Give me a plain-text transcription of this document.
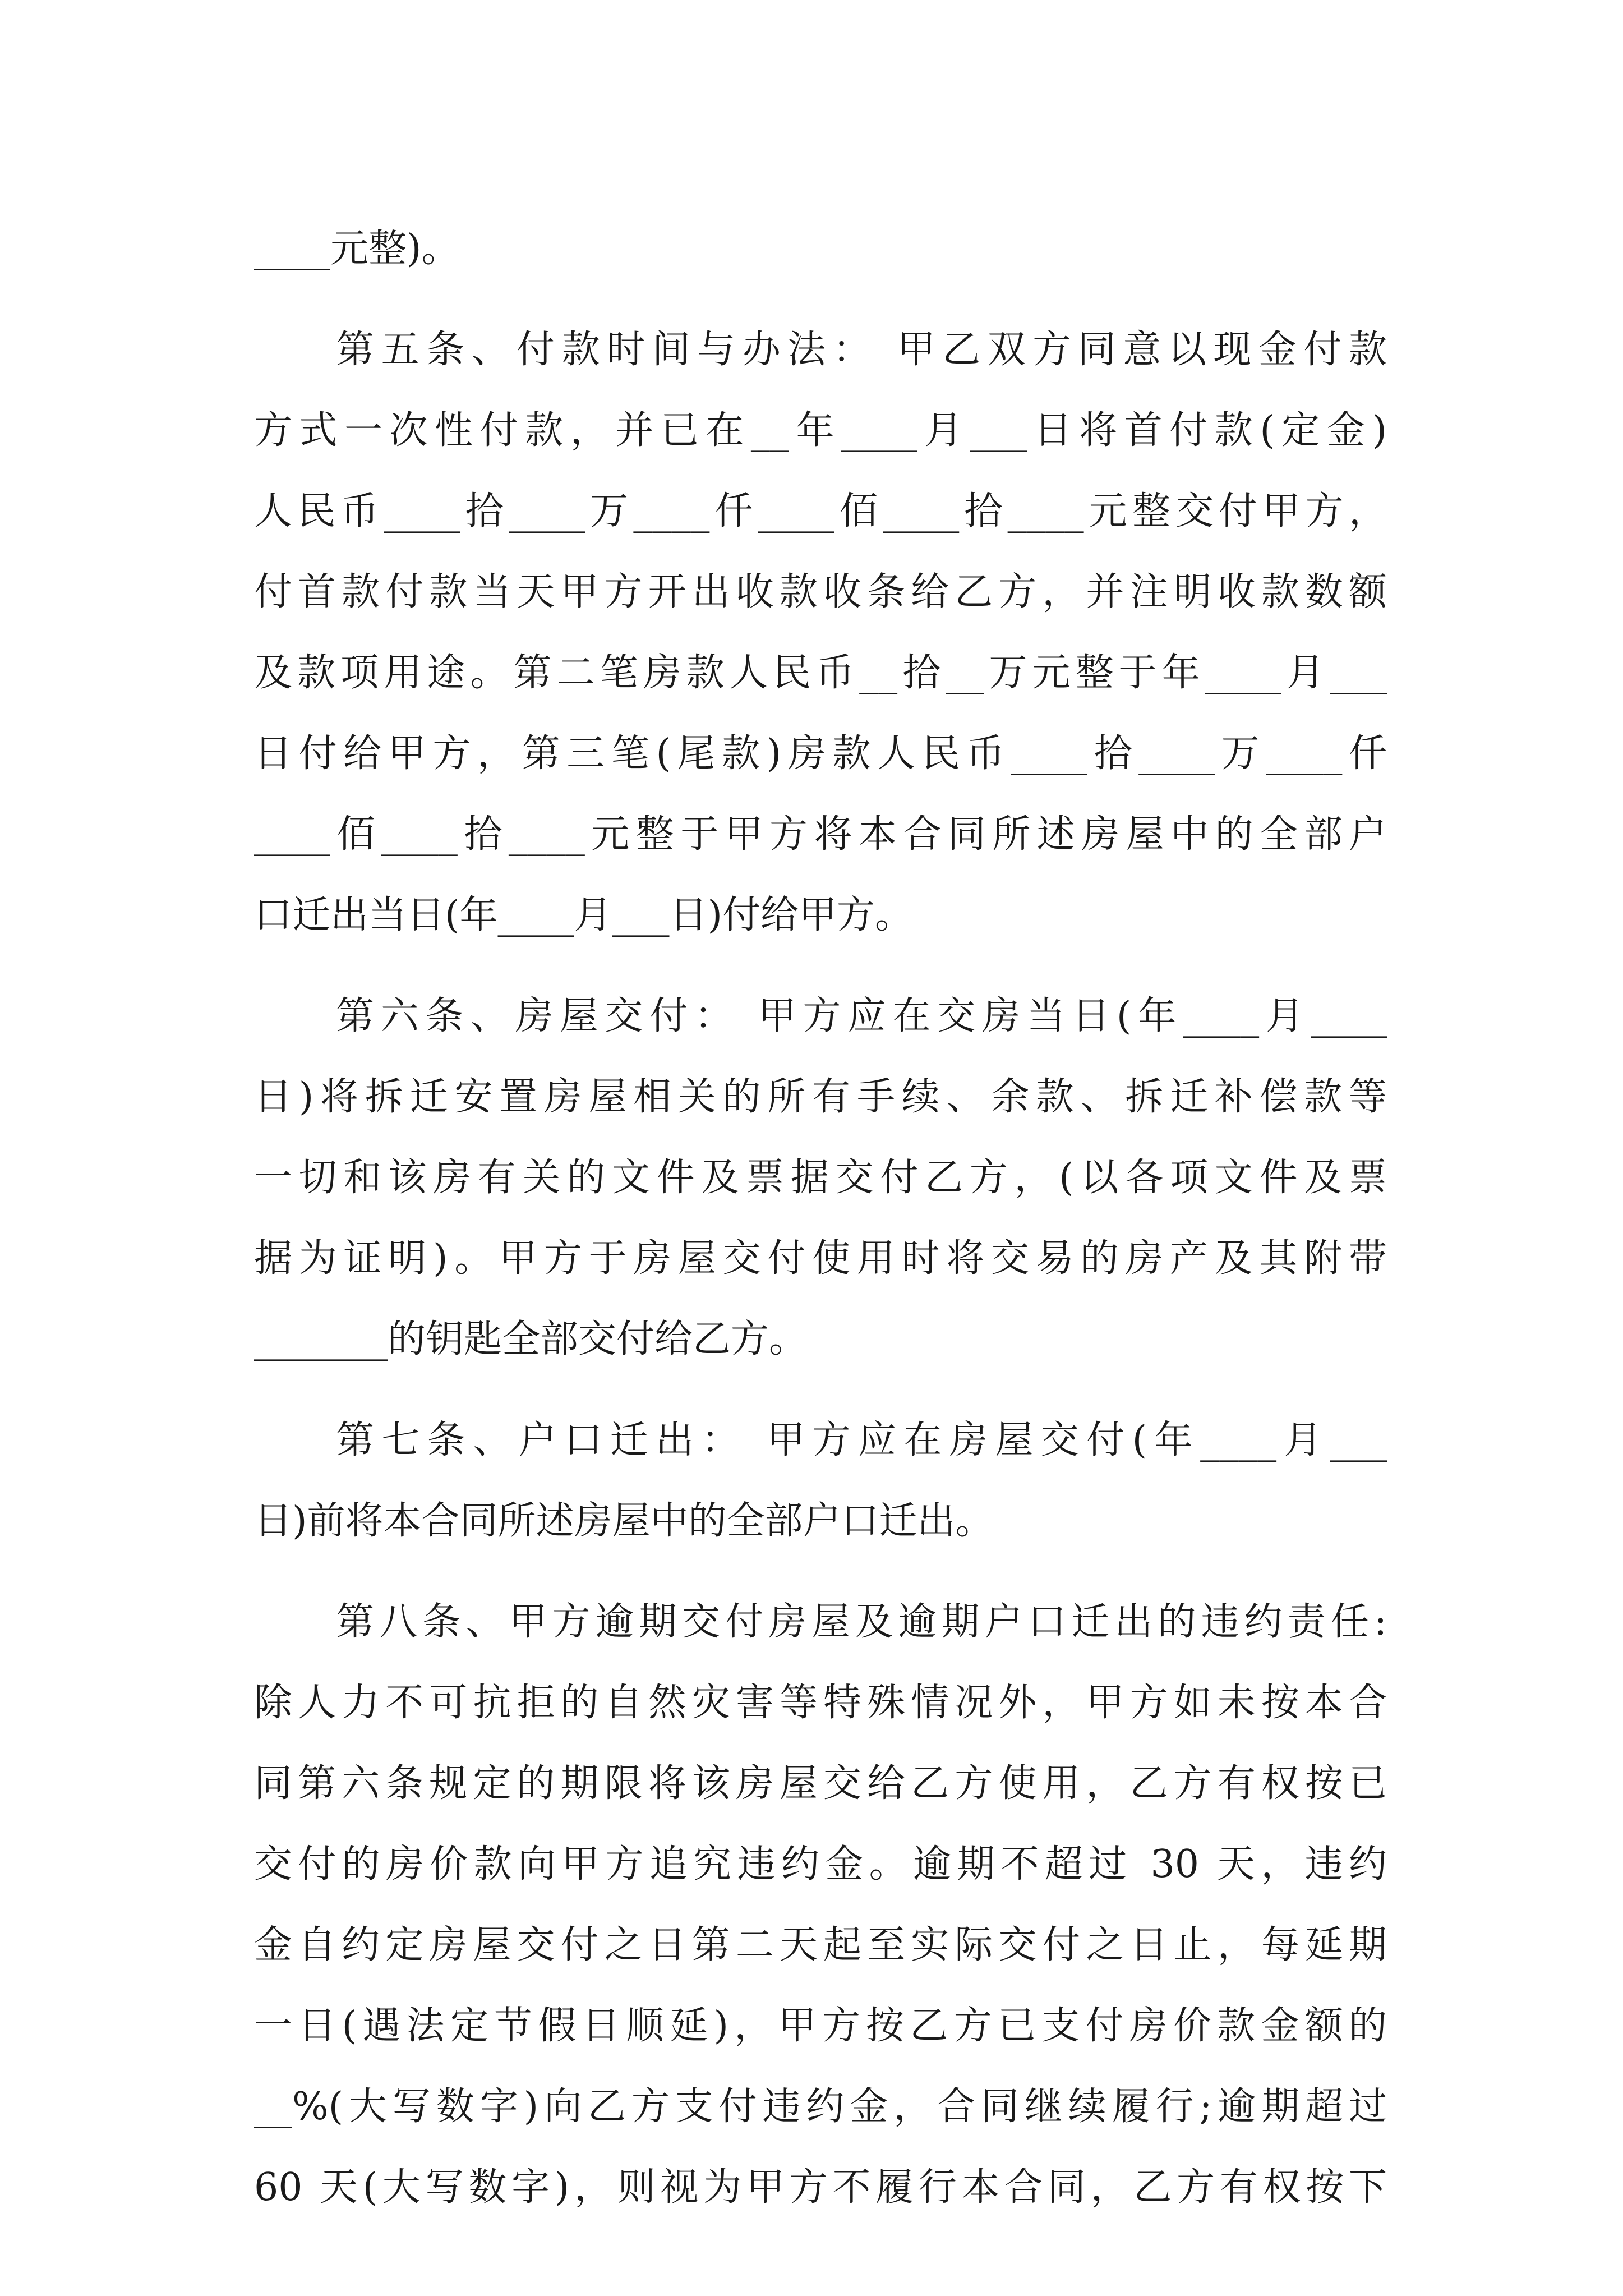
____元整)。
第五条、付款时间与办法： 甲乙双方同意以现金付款
方式一次性付款，并已在__年____月___日将首付款(定金)
人民币____拾____万____仟____佰____拾____元整交付甲方，
付首款付款当天甲方开出收款收条给乙方，并注明收款数额
及款项用途。第二笔房款人民币__拾__万元整于年____月___
日付给甲方，第三笔(尾款)房款人民币____拾____万____仟
____佰____拾____元整于甲方将本合同所述房屋中的全部户
口迁出当日(年____月___日)付给甲方。
第六条、房屋交付： 甲方应在交房当日(年____月____
日)将拆迁安置房屋相关的所有手续、余款、拆迁补偿款等
一切和该房有关的文件及票据交付乙方，(以各项文件及票
据为证明)。甲方于房屋交付使用时将交易的房产及其附带
_______的钥匙全部交付给乙方。
第七条、户口迁出： 甲方应在房屋交付(年____月___
日)前将本合同所述房屋中的全部户口迁出。
第八条、甲方逾期交付房屋及逾期户口迁出的违约责任:
除人力不可抗拒的自然灾害等特殊情况外，甲方如未按本合
同第六条规定的期限将该房屋交给乙方使用，乙方有权按已
交付的房价款向甲方追究违约金。逾期不超过 30 天，违约
金自约定房屋交付之日第二天起至实际交付之日止，每延期
一日(遇法定节假日顺延)，甲方按乙方已支付房价款金额的
__%(大写数字)向乙方支付违约金，合同继续履行;逾期超过
60 天(大写数字)，则视为甲方不履行本合同，乙方有权按下
